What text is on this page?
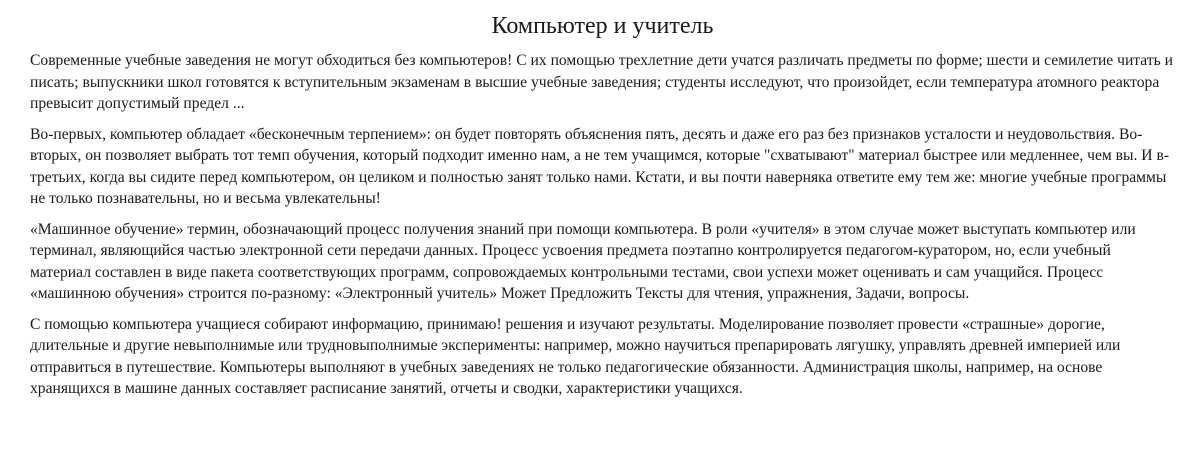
Компьютер и учитель

Современные учебные заведения не могут обходиться без компьютеров! С их помощью трехлетние дети учатся различать предметы по форме; шести и семилетие читать и писать; выпускники школ готовятся к вступительным экзаменам в высшие учебные заведения; студенты исследуют, что произойдет, если температура атомного реактора превысит допустимый предел ...

Во-первых, компьютер обладает «бесконечным терпением»: он будет повторять объяснения пять, десять и даже его раз без признаков усталости и неудовольствия. Во-вторых, он позволяет выбрать тот темп обучения, который подходит именно нам, а не тем учащимся, которые "схватывают" материал быстрее или медленнее, чем вы. И в-третьих, когда вы сидите перед компьютером, он целиком и полностью занят только нами. Кстати, и вы почти наверняка ответите ему тем же: многие учебные программы не только познавательны, но и весьма увлекательны!

«Машинное обучение» термин, обозначающий процесс получения знаний при помощи компьютера. В роли «учителя» в этом случае может выступать компьютер или терминал, являющийся частью электронной сети передачи данных. Процесс усвоения предмета поэтапно контролируется педагогом-куратором, но, если учебный материал составлен в виде пакета соответствующих программ, сопровождаемых контрольными тестами, свои успехи может оценивать и сам учащийся. Процесс «машинною обучения» строится по-разному: «Электронный учитель» Может Предложить Тексты для чтения, упражнения, Задачи, вопросы.

С помощью компьютера учащиеся собирают информацию, принимаю! решения и изучают результаты. Моделирование позволяет провести «страшные» дорогие, длительные и другие невыполнимые или трудновыполнимые эксперименты: например, можно научиться препарировать лягушку, управлять древней империей или отправиться в путешествие. Компьютеры выполняют в учебных заведениях не только педагогические обязанности. Администрация школы, например, на основе хранящихся в машине данных составляет расписание занятий, отчеты и сводки, характеристики учащихся.
